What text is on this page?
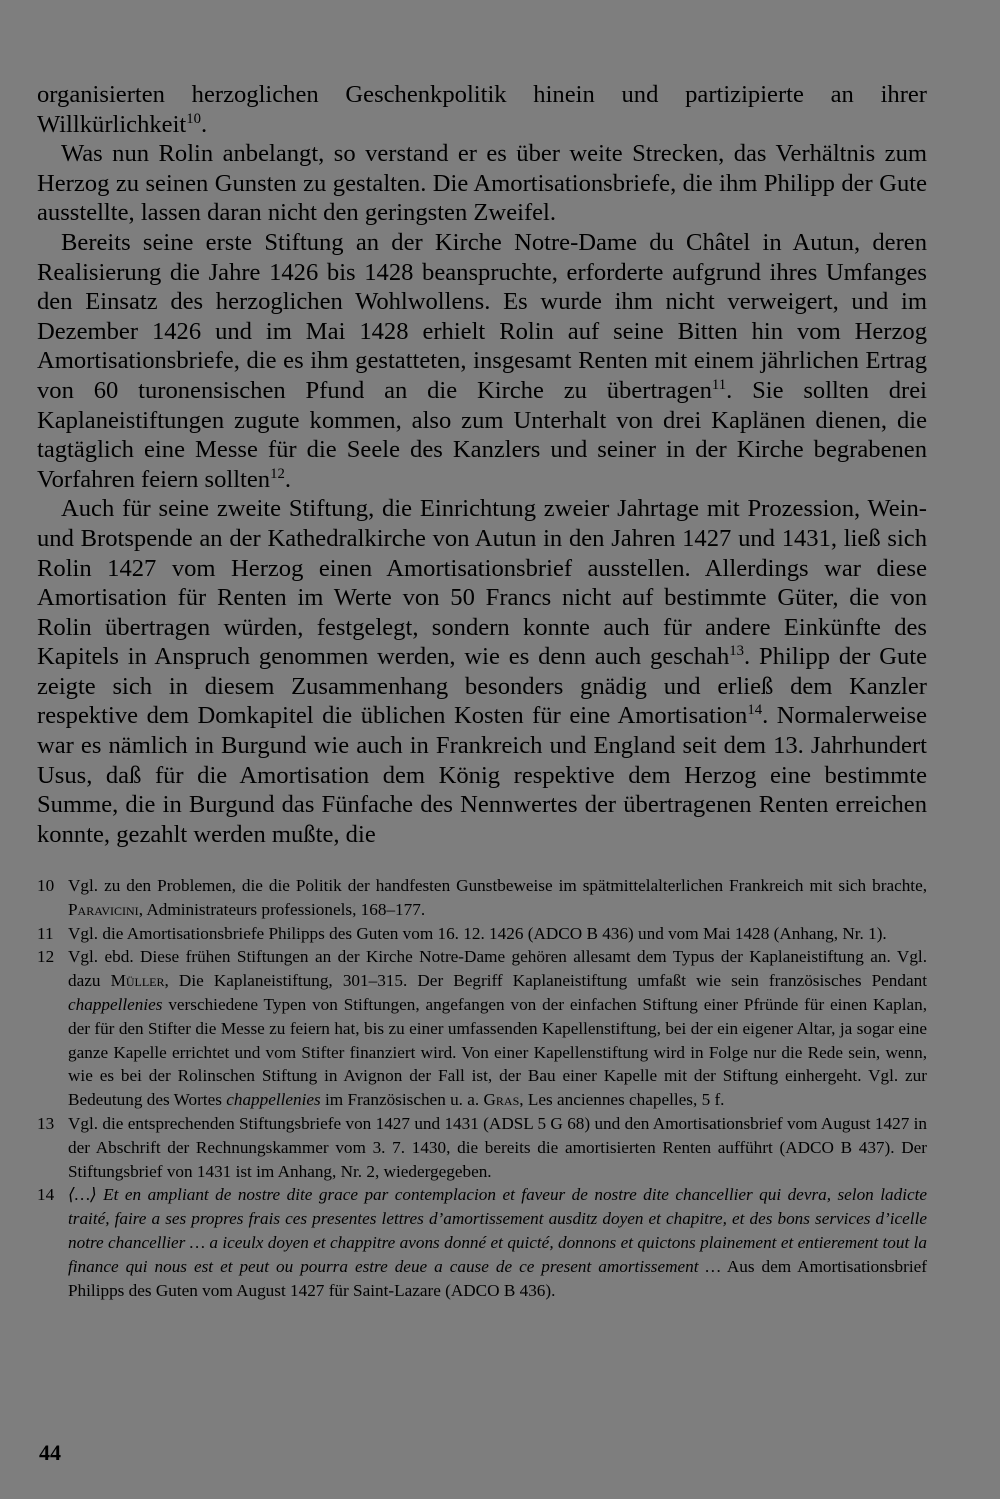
organisierten herzoglichen Geschenkpolitik hinein und partizipierte an ihrer Willkürlichkeit$^{10}$.

Was nun Rolin anbelangt, so verstand er es über weite Strecken, das Verhältnis zum Herzog zu seinen Gunsten zu gestalten. Die Amortisationsbriefe, die ihm Philipp der Gute ausstellte, lassen daran nicht den geringsten Zweifel.

Bereits seine erste Stiftung an der Kirche Notre-Dame du Châtel in Autun, deren Realisierung die Jahre 1426 bis 1428 beanspruchte, erforderte aufgrund ihres Umfanges den Einsatz des herzoglichen Wohlwollens. Es wurde ihm nicht verweigert, und im Dezember 1426 und im Mai 1428 erhielt Rolin auf seine Bitten hin vom Herzog Amortisationsbriefe, die es ihm gestatteten, insgesamt Renten mit einem jährlichen Ertrag von 60 turonensischen Pfund an die Kirche zu übertragen$^{11}$. Sie sollten drei Kaplaneistiftungen zugute kommen, also zum Unterhalt von drei Kaplänen dienen, die tagtäglich eine Messe für die Seele des Kanzlers und seiner in der Kirche begrabenen Vorfahren feiern sollten$^{12}$.

Auch für seine zweite Stiftung, die Einrichtung zweier Jahrtage mit Prozession, Wein- und Brotspende an der Kathedralkirche von Autun in den Jahren 1427 und 1431, ließ sich Rolin 1427 vom Herzog einen Amortisationsbrief ausstellen. Allerdings war diese Amortisation für Renten im Werte von 50 Francs nicht auf bestimmte Güter, die von Rolin übertragen würden, festgelegt, sondern konnte auch für andere Einkünfte des Kapitels in Anspruch genommen werden, wie es denn auch geschah$^{13}$. Philipp der Gute zeigte sich in diesem Zusammenhang besonders gnädig und erließ dem Kanzler respektive dem Domkapitel die üblichen Kosten für eine Amortisation$^{14}$. Normalerweise war es nämlich in Burgund wie auch in Frankreich und England seit dem 13. Jahrhundert Usus, daß für die Amortisation dem König respektive dem Herzog eine bestimmte Summe, die in Burgund das Fünfache des Nennwertes der übertragenen Renten erreichen konnte, gezahlt werden mußte, die

10 Vgl. zu den Problemen, die die Politik der handfesten Gunstbeweise im spätmittelalterlichen Frankreich mit sich brachte, Paravicini, Administrateurs professionels, 168–177.
11 Vgl. die Amortisationsbriefe Philipps des Guten vom 16. 12. 1426 (ADCO B 436) und vom Mai 1428 (Anhang, Nr. 1).
12 Vgl. ebd. Diese frühen Stiftungen an der Kirche Notre-Dame gehören allesamt dem Typus der Kaplaneistiftung an. Vgl. dazu Müller, Die Kaplaneistiftung, 301–315. Der Begriff Kaplaneistiftung umfaßt wie sein französisches Pendant chappellenies verschiedene Typen von Stiftungen, angefangen von der einfachen Stiftung einer Pfründe für einen Kaplan, der für den Stifter die Messe zu feiern hat, bis zu einer umfassenden Kapellenstiftung, bei der ein eigener Altar, ja sogar eine ganze Kapelle errichtet und vom Stifter finanziert wird. Von einer Kapellenstiftung wird in Folge nur die Rede sein, wenn, wie es bei der Rolinschen Stiftung in Avignon der Fall ist, der Bau einer Kapelle mit der Stiftung einhergeht. Vgl. zur Bedeutung des Wortes chappellenies im Französischen u. a. Gras, Les anciennes chapelles, 5 f.
13 Vgl. die entsprechenden Stiftungsbriefe von 1427 und 1431 (ADSL 5 G 68) und den Amortisationsbrief vom August 1427 in der Abschrift der Rechnungskammer vom 3. 7. 1430, die bereits die amortisierten Renten aufführt (ADCO B 437). Der Stiftungsbrief von 1431 ist im Anhang, Nr. 2, wiedergegeben.
14 ⟨…⟩ Et en ampliant de nostre dite grace par contemplacion et faveur de nostre dite chancellier qui devra, selon ladicte traité, faire a ses propres frais ces presentes lettres d’amortissement ausditz doyen et chapitre, et des bons services d’icelle notre chancellier … a iceulx doyen et chappitre avons donné et quicté, donnons et quictons plainement et entierement tout la finance qui nous est et peut ou pourra estre deue a cause de ce present amortissement … Aus dem Amortisationsbrief Philipps des Guten vom August 1427 für Saint-Lazare (ADCO B 436).
44
